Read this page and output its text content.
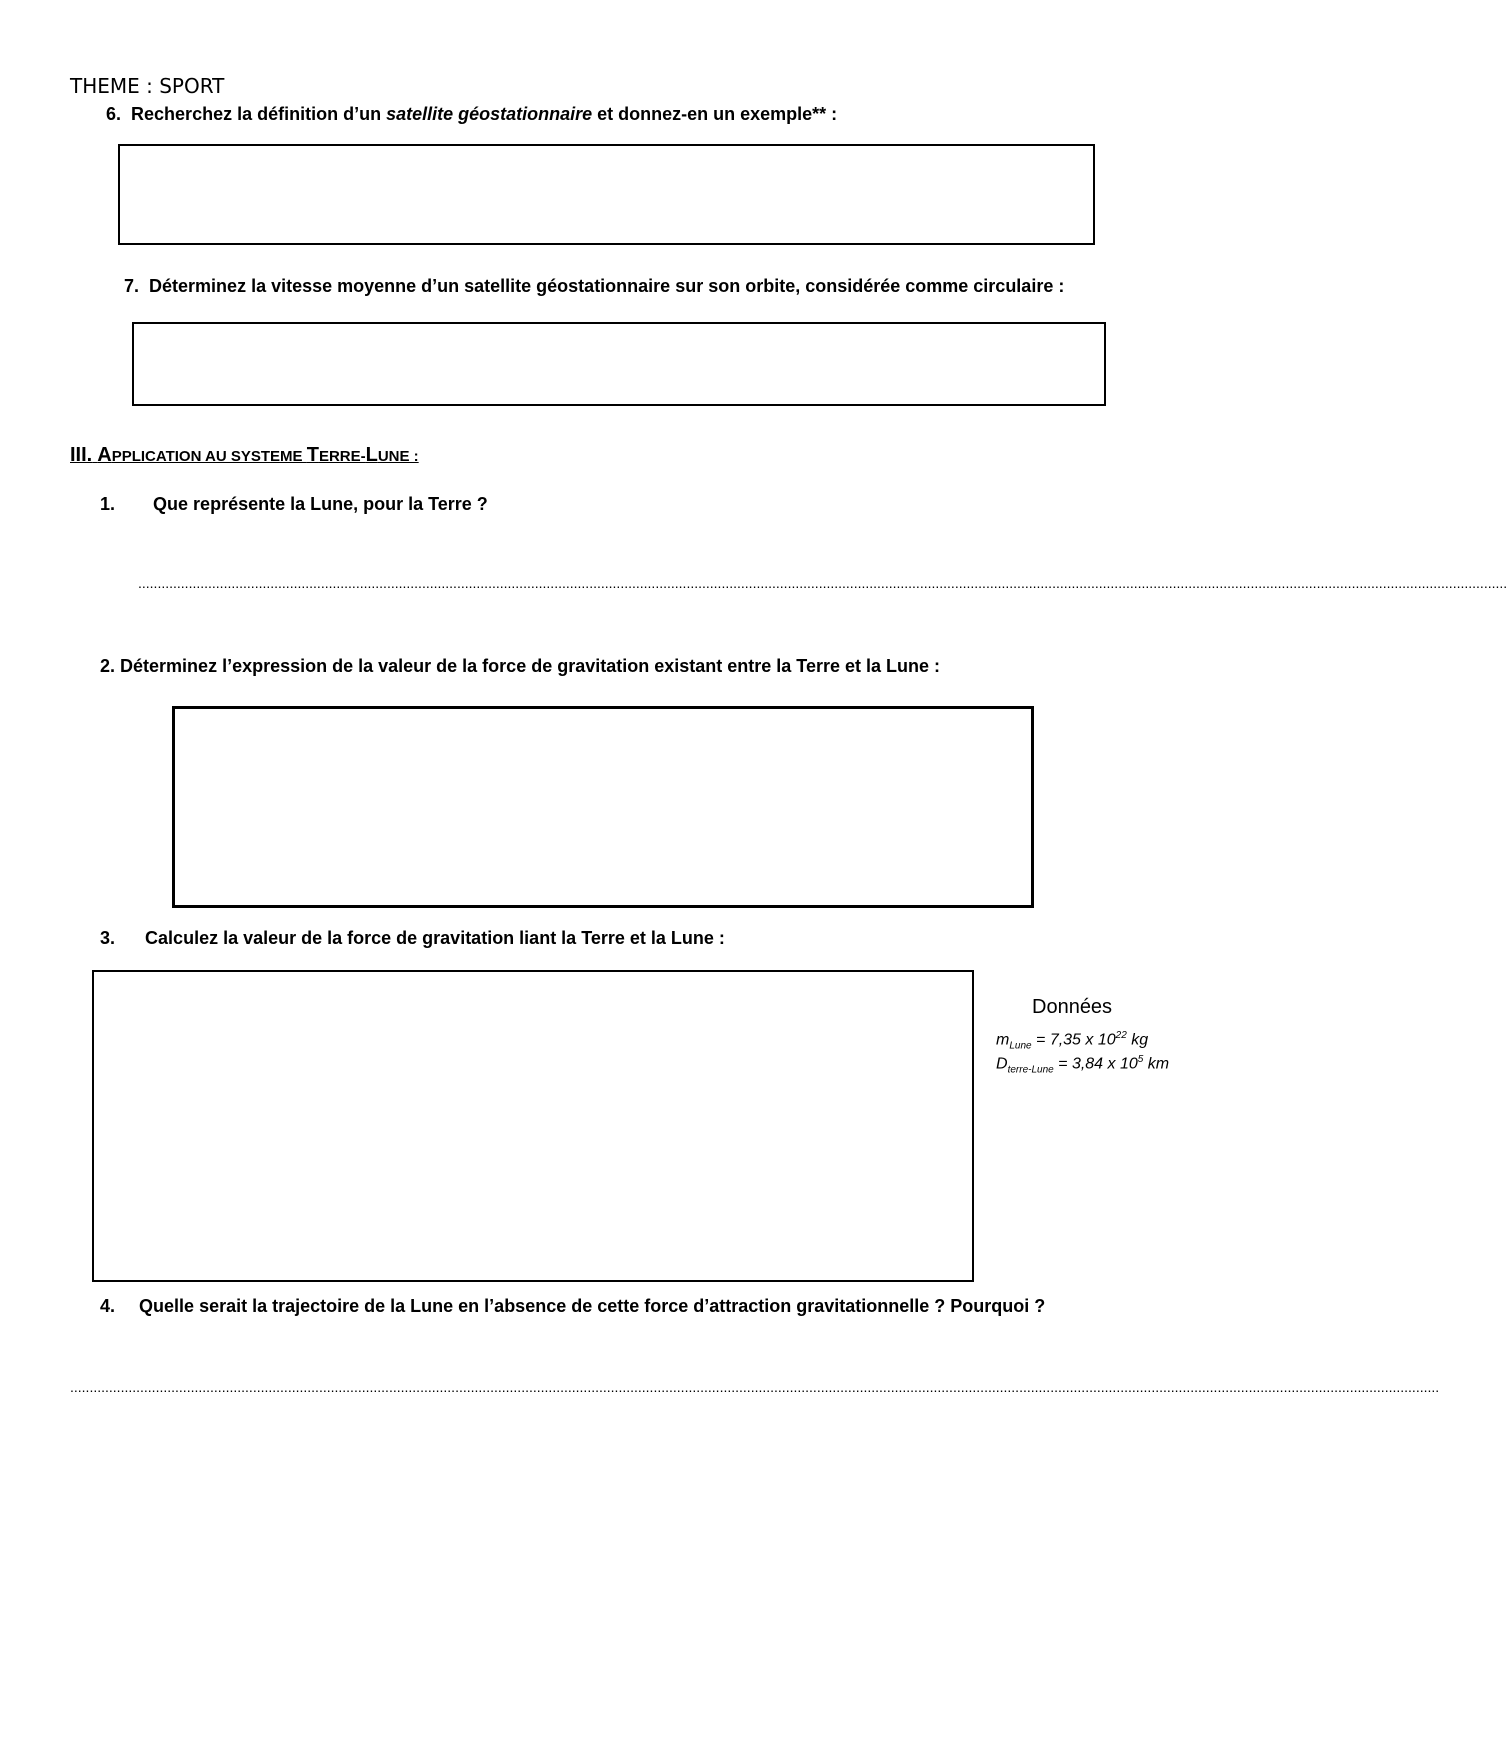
THEME : SPORT
6. Recherchez la définition d’un satellite géostationnaire et donnez-en un exemple** :
7. Déterminez la vitesse moyenne d’un satellite géostationnaire sur son orbite, considérée comme circulaire :
III. APPLICATION AU SYSTEME TERRE-LUNE :
1. Que représente la Lune, pour la Terre ?
................................................................................................................................................................................................................................................................................................................................................................
2. Déterminez l’expression de la valeur de la force de gravitation existant entre la Terre et la Lune :
3. Calculez la valeur de la force de gravitation liant la Terre et la Lune :
Données
$m_{Lune} = 7,35$ x $10^{22}$ kg
$D_{terre-Lune} = 3,84$ x $10^5$ km
4. Quelle serait la trajectoire de la Lune en l’absence de cette force d’attraction gravitationnelle ? Pourquoi ?
................................................................................................................................................................................................................................................................................................................................................................
